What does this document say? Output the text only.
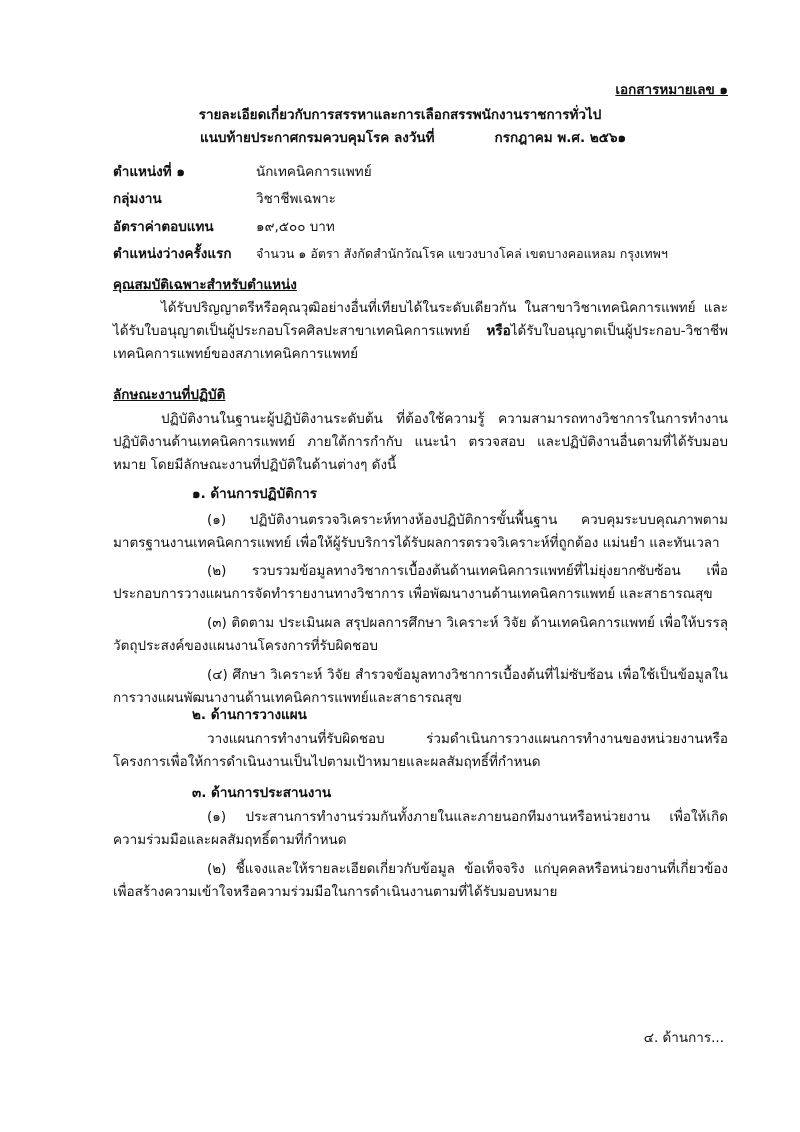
เอกสารหมายเลข ๑
รายละเอียดเกี่ยวกับการสรรหาและการเลือกสรรพนักงานราชการทั่วไป
แนบท้ายประกาศกรมควบคุมโรค ลงวันที่	กรกฎาคม พ.ศ. ๒๕๖๑
ตำแหน่งที่ ๑	นักเทคนิคการแพทย์
กลุ่มงาน	วิชาชีพเฉพาะ
อัตราค่าตอบแทน	๑๙,๕๐๐ บาท
ตำแหน่งว่างครั้งแรก จำนวน ๑ อัตรา สังกัดสำนักวัณโรค แขวงบางโคล่ เขตบางคอแหลม กรุงเทพฯ
คุณสมบัติเฉพาะสำหรับตำแหน่ง

ได้รับปริญญาตรีหรือคุณวุฒิอย่างอื่นที่เทียบได้ในระดับเดียวกัน ในสาขาวิชาเทคนิคการแพทย์ และได้รับใบอนุญาตเป็นผู้ประกอบโรคศิลปะสาขาเทคนิคการแพทย์ หรือได้รับใบอนุญาตเป็นผู้ประกอบ-วิชาชีพเทคนิคการแพทย์ของสภาเทคนิคการแพทย์

ลักษณะงานที่ปฏิบัติ

ปฏิบัติงานในฐานะผู้ปฏิบัติงานระดับต้น ที่ต้องใช้ความรู้ ความสามารถทางวิชาการในการทำงาน ปฏิบัติงานด้านเทคนิคการแพทย์ ภายใต้การกำกับ แนะนำ ตรวจสอบ และปฏิบัติงานอื่นตามที่ได้รับมอบหมาย โดยมีลักษณะงานที่ปฏิบัติในด้านต่างๆ ดังนี้

๑. ด้านการปฏิบัติการ

(๑) ปฏิบัติงานตรวจวิเคราะห์ทางห้องปฏิบัติการขั้นพื้นฐาน ควบคุมระบบคุณภาพตามมาตรฐานงานเทคนิคการแพทย์ เพื่อให้ผู้รับบริการได้รับผลการตรวจวิเคราะห์ที่ถูกต้อง แม่นยำ และทันเวลา

(๒) รวบรวมข้อมูลทางวิชาการเบื้องต้นด้านเทคนิคการแพทย์ที่ไม่ยุ่งยากซับซ้อน เพื่อประกอบการวางแผนการจัดทำรายงานทางวิชาการ เพื่อพัฒนางานด้านเทคนิคการแพทย์ และสาธารณสุข

(๓) ติดตาม ประเมินผล สรุปผลการศึกษา วิเคราะห์ วิจัย ด้านเทคนิคการแพทย์ เพื่อให้บรรลุวัตถุประสงค์ของแผนงานโครงการที่รับผิดชอบ

(๔) ศึกษา วิเคราะห์ วิจัย สำรวจข้อมูลทางวิชาการเบื้องต้นที่ไม่ซับซ้อน เพื่อใช้เป็นข้อมูลในการวางแผนพัฒนางานด้านเทคนิคการแพทย์และสาธารณสุข

๒. ด้านการวางแผน

วางแผนการทำงานที่รับผิดชอบ ร่วมดำเนินการวางแผนการทำงานของหน่วยงานหรือโครงการเพื่อให้การดำเนินงานเป็นไปตามเป้าหมายและผลสัมฤทธิ์ที่กำหนด

๓. ด้านการประสานงาน

(๑) ประสานการทำงานร่วมกันทั้งภายในและภายนอกทีมงานหรือหน่วยงาน เพื่อให้เกิดความร่วมมือและผลสัมฤทธิ์ตามที่กำหนด

(๒) ชี้แจงและให้รายละเอียดเกี่ยวกับข้อมูล ข้อเท็จจริง แก่บุคคลหรือหน่วยงานที่เกี่ยวข้อง เพื่อสร้างความเข้าใจหรือความร่วมมือในการดำเนินงานตามที่ได้รับมอบหมาย

๔. ด้านการ...
